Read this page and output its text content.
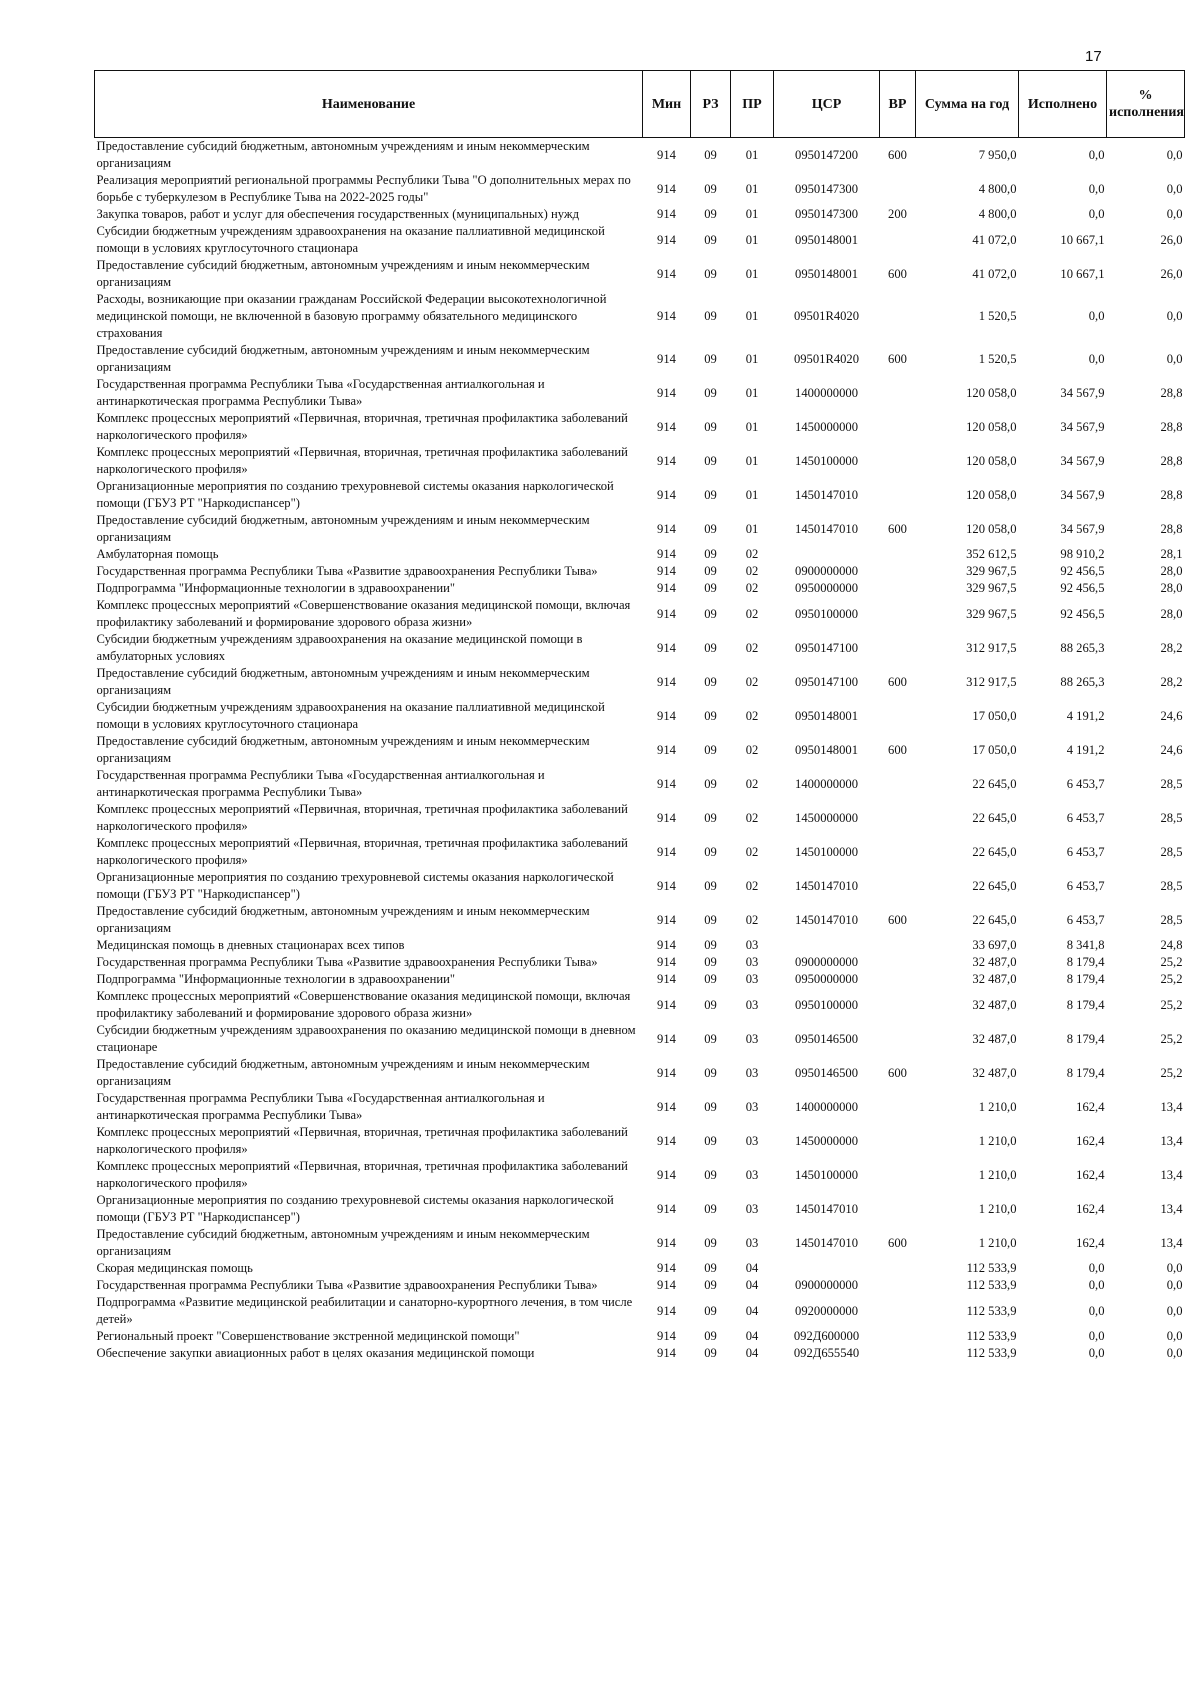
17
Наименование	Мин	РЗ	ПР	ЦСР	ВР	Сумма на год	Исполнено	% исполнения
Предоставление субсидий бюджетным, автономным учреждениям и иным некоммерческим организациям	914	09	01	0950147200	600	7 950,0	0,0	0,0
Реализация мероприятий региональной программы Республики Тыва "О дополнительных мерах по борьбе с туберкулезом в Республике Тыва на 2022-2025 годы"	914	09	01	0950147300		4 800,0	0,0	0,0
Закупка товаров, работ и услуг для обеспечения государственных (муниципальных) нужд	914	09	01	0950147300	200	4 800,0	0,0	0,0
Субсидии бюджетным учреждениям здравоохранения на оказание паллиативной медицинской помощи в условиях круглосуточного стационара	914	09	01	0950148001		41 072,0	10 667,1	26,0
Предоставление субсидий бюджетным, автономным учреждениям и иным некоммерческим организациям	914	09	01	0950148001	600	41 072,0	10 667,1	26,0
Расходы, возникающие при оказании гражданам Российской Федерации высокотехнологичной медицинской помощи, не включенной в базовую программу обязательного медицинского страхования	914	09	01	09501R4020		1 520,5	0,0	0,0
Предоставление субсидий бюджетным, автономным учреждениям и иным некоммерческим организациям	914	09	01	09501R4020	600	1 520,5	0,0	0,0
Государственная программа Республики Тыва «Государственная антиалкогольная и антинаркотическая программа Республики Тыва»	914	09	01	1400000000		120 058,0	34 567,9	28,8
Комплекс процессных мероприятий «Первичная, вторичная, третичная профилактика заболеваний наркологического профиля»	914	09	01	1450000000		120 058,0	34 567,9	28,8
Комплекс процессных мероприятий «Первичная, вторичная, третичная профилактика заболеваний наркологического профиля»	914	09	01	1450100000		120 058,0	34 567,9	28,8
Организационные мероприятия по созданию трехуровневой системы оказания наркологической помощи (ГБУЗ РТ "Наркодиспансер")	914	09	01	1450147010		120 058,0	34 567,9	28,8
Предоставление субсидий бюджетным, автономным учреждениям и иным некоммерческим организациям	914	09	01	1450147010	600	120 058,0	34 567,9	28,8
Амбулаторная помощь	914	09	02			352 612,5	98 910,2	28,1
Государственная программа Республики Тыва «Развитие здравоохранения Республики Тыва»	914	09	02	0900000000		329 967,5	92 456,5	28,0
Подпрограмма "Информационные технологии в здравоохранении"	914	09	02	0950000000		329 967,5	92 456,5	28,0
Комплекс процессных мероприятий «Совершенствование оказания медицинской помощи, включая профилактику заболеваний и формирование здорового образа жизни»	914	09	02	0950100000		329 967,5	92 456,5	28,0
Субсидии бюджетным учреждениям здравоохранения на оказание медицинской помощи в амбулаторных условиях	914	09	02	0950147100		312 917,5	88 265,3	28,2
Предоставление субсидий бюджетным, автономным учреждениям и иным некоммерческим организациям	914	09	02	0950147100	600	312 917,5	88 265,3	28,2
Субсидии бюджетным учреждениям здравоохранения на оказание паллиативной медицинской помощи в условиях круглосуточного стационара	914	09	02	0950148001		17 050,0	4 191,2	24,6
Предоставление субсидий бюджетным, автономным учреждениям и иным некоммерческим организациям	914	09	02	0950148001	600	17 050,0	4 191,2	24,6
Государственная программа Республики Тыва «Государственная антиалкогольная и антинаркотическая программа Республики Тыва»	914	09	02	1400000000		22 645,0	6 453,7	28,5
Комплекс процессных мероприятий «Первичная, вторичная, третичная профилактика заболеваний наркологического профиля»	914	09	02	1450000000		22 645,0	6 453,7	28,5
Комплекс процессных мероприятий «Первичная, вторичная, третичная профилактика заболеваний наркологического профиля»	914	09	02	1450100000		22 645,0	6 453,7	28,5
Организационные мероприятия по созданию трехуровневой системы оказания наркологической помощи (ГБУЗ РТ "Наркодиспансер")	914	09	02	1450147010		22 645,0	6 453,7	28,5
Предоставление субсидий бюджетным, автономным учреждениям и иным некоммерческим организациям	914	09	02	1450147010	600	22 645,0	6 453,7	28,5
Медицинская помощь в дневных стационарах всех типов	914	09	03			33 697,0	8 341,8	24,8
Государственная программа Республики Тыва «Развитие здравоохранения Республики Тыва»	914	09	03	0900000000		32 487,0	8 179,4	25,2
Подпрограмма "Информационные технологии в здравоохранении"	914	09	03	0950000000		32 487,0	8 179,4	25,2
Комплекс процессных мероприятий «Совершенствование оказания медицинской помощи, включая профилактику заболеваний и формирование здорового образа жизни»	914	09	03	0950100000		32 487,0	8 179,4	25,2
Субсидии бюджетным учреждениям здравоохранения по оказанию медицинской помощи в дневном стационаре	914	09	03	0950146500		32 487,0	8 179,4	25,2
Предоставление субсидий бюджетным, автономным учреждениям и иным некоммерческим организациям	914	09	03	0950146500	600	32 487,0	8 179,4	25,2
Государственная программа Республики Тыва «Государственная антиалкогольная и антинаркотическая программа Республики Тыва»	914	09	03	1400000000		1 210,0	162,4	13,4
Комплекс процессных мероприятий «Первичная, вторичная, третичная профилактика заболеваний наркологического профиля»	914	09	03	1450000000		1 210,0	162,4	13,4
Комплекс процессных мероприятий «Первичная, вторичная, третичная профилактика заболеваний наркологического профиля»	914	09	03	1450100000		1 210,0	162,4	13,4
Организационные мероприятия по созданию трехуровневой системы оказания наркологической помощи (ГБУЗ РТ "Наркодиспансер")	914	09	03	1450147010		1 210,0	162,4	13,4
Предоставление субсидий бюджетным, автономным учреждениям и иным некоммерческим организациям	914	09	03	1450147010	600	1 210,0	162,4	13,4
Скорая медицинская помощь	914	09	04			112 533,9	0,0	0,0
Государственная программа Республики Тыва «Развитие здравоохранения Республики Тыва»	914	09	04	0900000000		112 533,9	0,0	0,0
Подпрограмма «Развитие медицинской реабилитации и санаторно-курортного лечения, в том числе детей»	914	09	04	0920000000		112 533,9	0,0	0,0
Региональный проект "Совершенствование экстренной медицинской помощи"	914	09	04	092Д600000		112 533,9	0,0	0,0
Обеспечение закупки авиационных работ в целях оказания медицинской помощи	914	09	04	092Д655540		112 533,9	0,0	0,0
